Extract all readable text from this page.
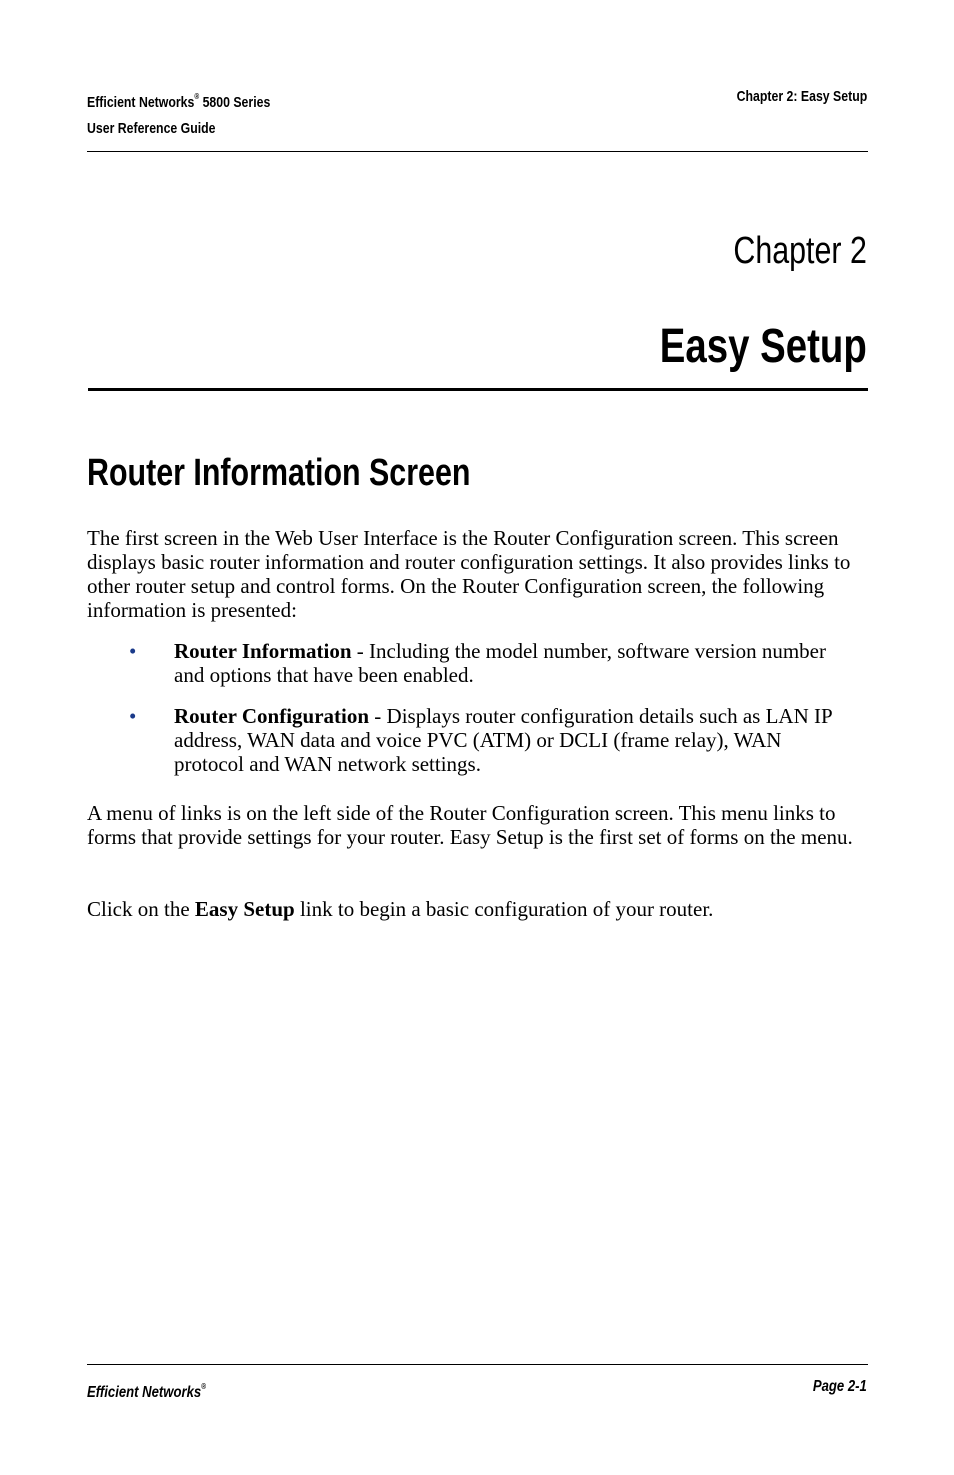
Efficient Networks® 5800 Series
User Reference Guide
Chapter 2: Easy Setup
Chapter 2
Easy Setup
Router Information Screen

The first screen in the Web User Interface is the Router Configuration screen. This screen displays basic router information and router configuration settings. It also provides links to other router setup and control forms. On the Router Configuration screen, the following information is presented:

• Router Information - Including the model number, software version number and options that have been enabled.
• Router Configuration - Displays router configuration details such as LAN IP address, WAN data and voice PVC (ATM) or DCLI (frame relay), WAN protocol and WAN network settings.

A menu of links is on the left side of the Router Configuration screen. This menu links to forms that provide settings for your router. Easy Setup is the first set of forms on the menu.

Click on the Easy Setup link to begin a basic configuration of your router.

Efficient Networks®	Page 2-1
